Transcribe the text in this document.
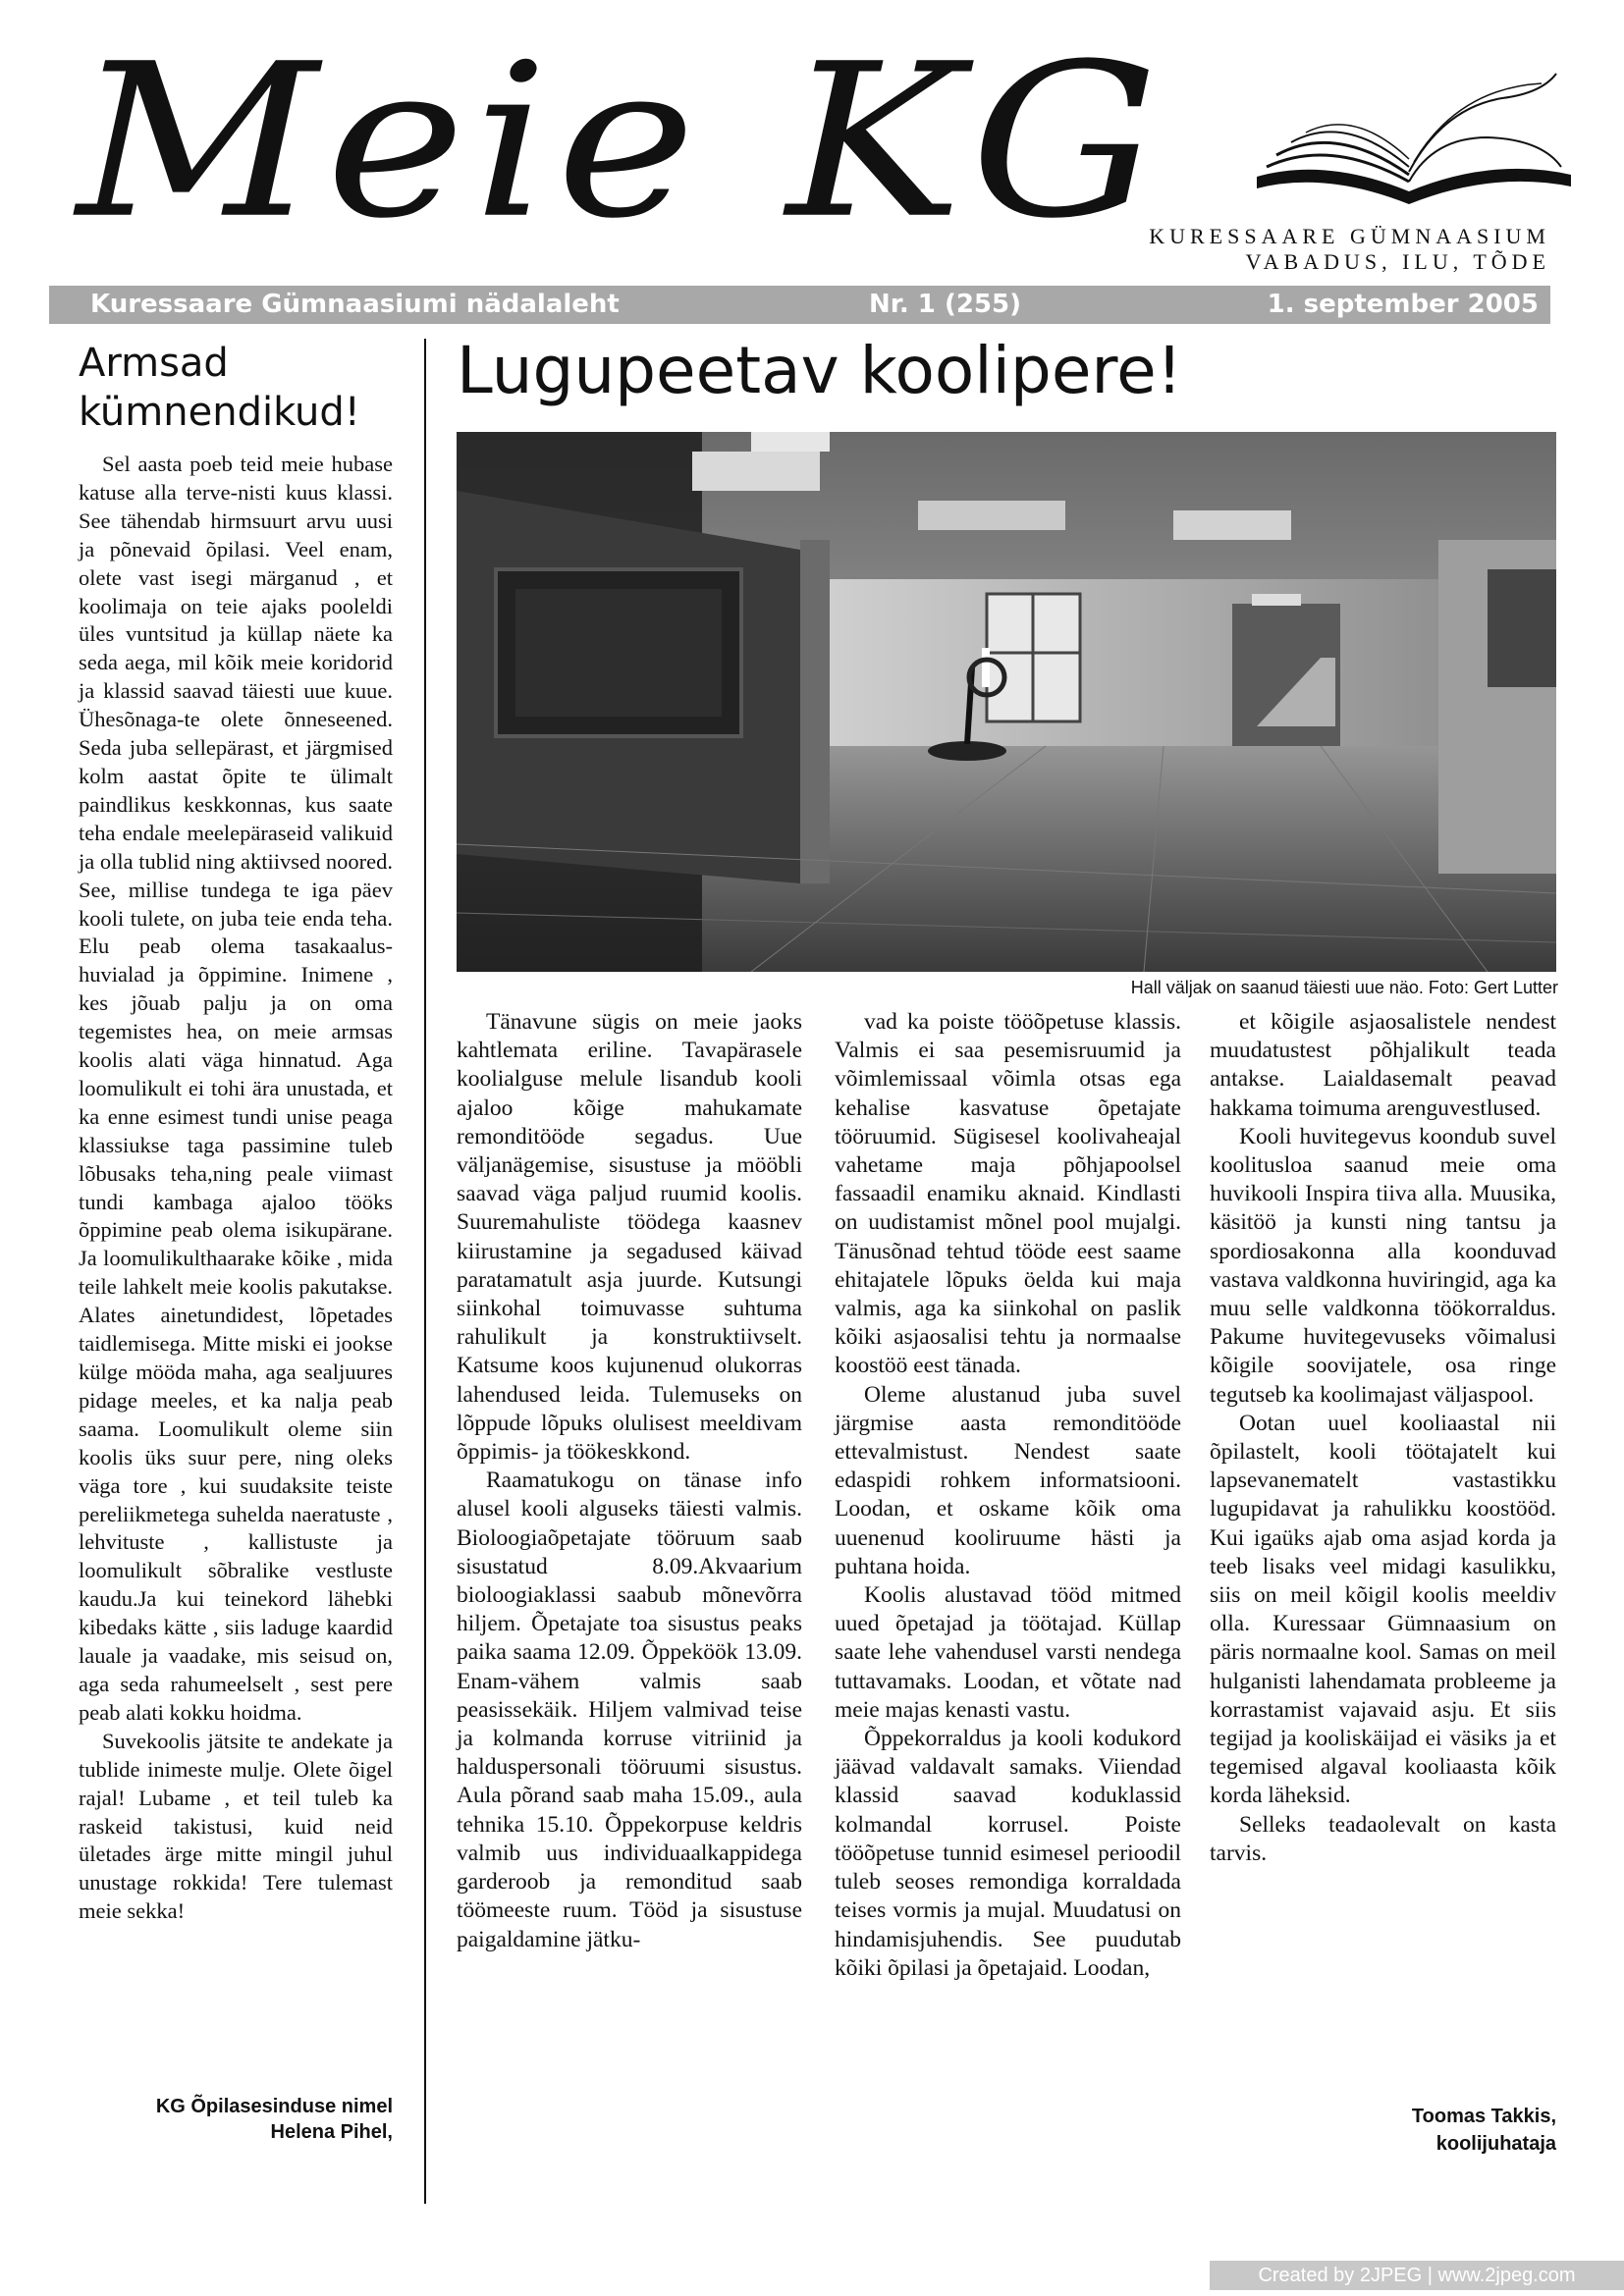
Meie KG
KURESSAARE GÜMNAASIUM
VABADUS, ILU, TÕDE
Kuressaare Gümnaasiumi nädalaleht	Nr. 1 (255)	1. september 2005
Armsad kümnendikud!

Sel aasta poeb teid meie hubase katuse alla terve-nisti kuus klassi. See tähendab hirmsuurt arvu uusi ja põnevaid õpilasi. Veel enam, olete vast isegi märganud , et koolimaja on teie ajaks pooleldi üles vuntsitud ja küllap näete ka seda aega, mil kõik meie koridorid ja klassid saavad täiesti uue kuue. Ühesõnaga-te olete õnneseened. Seda juba sellepärast, et järgmised kolm aastat õpite te ülimalt paindlikus keskkonnas, kus saate teha endale meelepäraseid valikuid ja olla tublid ning aktiivsed noored. See, millise tundega te iga päev kooli tulete, on juba teie enda teha. Elu peab olema tasakaalus-huvialad ja õppimine. Inimene , kes jõuab palju ja on oma tegemistes hea, on meie armsas koolis alati väga hinnatud. Aga loomulikult ei tohi ära unustada, et ka enne esimest tundi unise peaga klassiukse taga passimine tuleb lõbusaks teha,ning peale viimast tundi kambaga ajaloo tööks õppimine peab olema isikupärane. Ja loomulikulthaarake kõike , mida teile lahkelt meie koolis pakutakse. Alates ainetundidest, lõpetades taidlemisega. Mitte miski ei jookse külge mööda maha, aga sealjuures pidage meeles, et ka nalja peab saama. Loomulikult oleme siin koolis üks suur pere, ning oleks väga tore , kui suudaksite teiste pereliikmetega suhelda naeratuste , lehvituste , kallistuste ja loomulikult sõbralike vestluste kaudu.Ja kui teinekord lähebki kibedaks kätte , siis laduge kaardid lauale ja vaadake, mis seisud on, aga seda rahumeelselt , sest pere peab alati kokku hoidma.

Suvekoolis jätsite te andekate ja tublide inimeste mulje. Olete õigel rajal! Lubame , et teil tuleb ka raskeid takistusi, kuid neid ületades ärge mitte mingil juhul unustage rokkida! Tere tulemast meie sekka!

KG Õpilasesinduse nimel
Helena Pihel,
Lugupeetav koolipere!
Hall väljak on saanud täiesti uue näo. Foto: Gert Lutter

Tänavune sügis on meie jaoks kahtlemata eriline. Tavapärasele koolialguse melule lisandub kooli ajaloo kõige mahukamate remonditööde segadus. Uue väljanägemise, sisustuse ja mööbli saavad väga paljud ruumid koolis. Suuremahuliste töödega kaasnev kiirustamine ja segadused käivad paratamatult asja juurde. Kutsungi siinkohal toimuvasse suhtuma rahulikult ja konstruktiivselt. Katsume koos kujunenud olukorras lahendused leida. Tulemuseks on lõppude lõpuks olulisest meeldivam õppimis- ja töökeskkond.

Raamatukogu on tänase info alusel kooli alguseks täiesti valmis. Bioloogiaõpetajate tööruum saab sisustatud 8.09.Akvaarium bioloogiaklassi saabub mõnevõrra hiljem. Õpetajate toa sisustus peaks paika saama 12.09. Õppeköök 13.09. Enam-vähem valmis saab peasissekäik. Hiljem valmivad teise ja kolmanda korruse vitriinid ja halduspersonali tööruumi sisustus. Aula põrand saab maha 15.09., aula tehnika 15.10. Õppekorpuse keldris valmib uus individuaalkappidega garderoob ja remonditud saab töömeeste ruum. Tööd ja sisustuse paigaldamine jätku-

vad ka poiste tööõpetuse klassis. Valmis ei saa pesemisruumid ja võimlemissaal võimla otsas ega kehalise kasvatuse õpetajate tööruumid. Sügisesel koolivaheajal vahetame maja põhjapoolsel fassaadil enamiku aknaid. Kindlasti on uudistamist mõnel pool mujalgi. Tänusõnad tehtud tööde eest saame ehitajatele lõpuks öelda kui maja valmis, aga ka siinkohal on paslik kõiki asjaosalisi tehtu ja normaalse koostöö eest tänada.

Oleme alustanud juba suvel järgmise aasta remonditööde ettevalmistust. Nendest saate edaspidi rohkem informatsiooni. Loodan, et oskame kõik oma uuenenud kooliruume hästi ja puhtana hoida.

Koolis alustavad tööd mitmed uued õpetajad ja töötajad. Küllap saate lehe vahendusel varsti nendega tuttavamaks. Loodan, et võtate nad meie majas kenasti vastu.

Õppekorraldus ja kooli kodukord jäävad valdavalt samaks. Viiendad klassid saavad koduklassid kolmandal korrusel. Poiste tööõpetuse tunnid esimesel perioodil tuleb seoses remondiga korraldada teises vormis ja mujal. Muudatusi on hindamisjuhendis. See puudutab kõiki õpilasi ja õpetajaid. Loodan,

et kõigile asjaosalistele nendest muudatustest põhjalikult teada antakse. Laialdasemalt peavad hakkama toimuma arenguvestlused.

Kooli huvitegevus koondub suvel koolitusloa saanud meie oma huvikooli Inspira tiiva alla. Muusika, käsitöö ja kunsti ning tantsu ja spordiosakonna alla koonduvad vastava valdkonna huviringid, aga ka muu selle valdkonna töökorraldus. Pakume huvitegevuseks võimalusi kõigile soovijatele, osa ringe tegutseb ka koolimajast väljaspool.

Ootan uuel kooliaastal nii õpilastelt, kooli töötajatelt kui lapsevanematelt vastastikku lugupidavat ja rahulikku koostööd. Kui igaüks ajab oma asjad korda ja teeb lisaks veel midagi kasulikku, siis on meil kõigil koolis meeldiv olla. Kuressaar Gümnaasium on päris normaalne kool. Samas on meil hulganisti lahendamata probleeme ja korrastamist vajavaid asju. Et siis tegijad ja kooliskäijad ei väsiks ja et tegemised algaval kooliaasta kõik korda läheksid.

Selleks teadaolevalt on kasta tarvis.

Toomas Takkis,
koolijuhataja
Created by 2JPEG | www.2jpeg.com
